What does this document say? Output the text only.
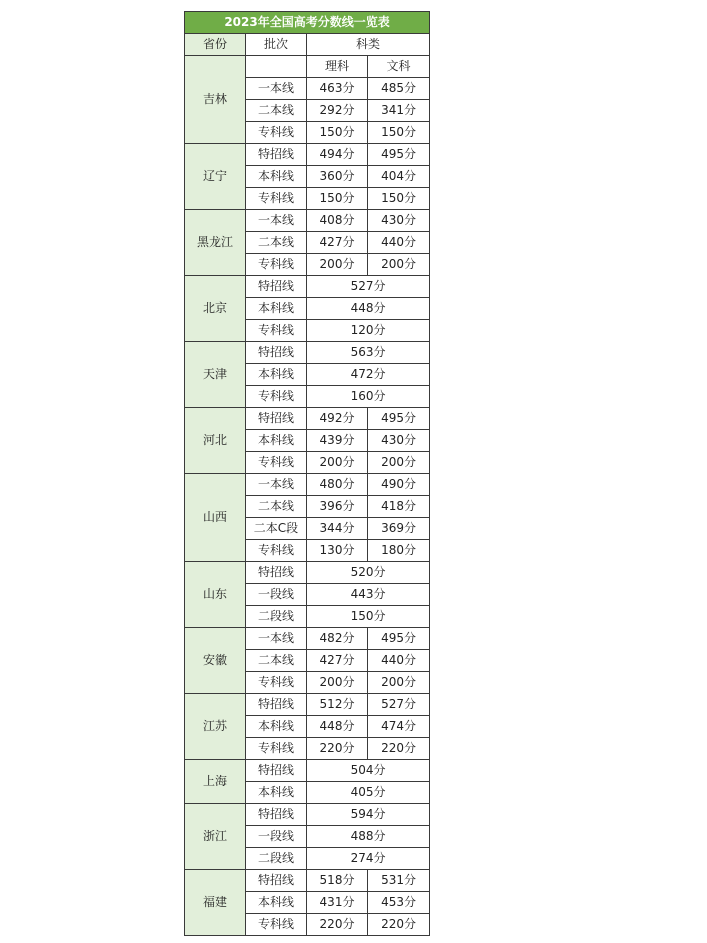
2023年全国高考分数线一览表			
省份	批次	科类	
吉林		理科	文科
	一本线	463分	485分
	二本线	292分	341分
	专科线	150分	150分
辽宁	特招线	494分	495分
	本科线	360分	404分
	专科线	150分	150分
黑龙江	一本线	408分	430分
	二本线	427分	440分
	专科线	200分	200分
北京	特招线	527分	
	本科线	448分	
	专科线	120分	
天津	特招线	563分	
	本科线	472分	
	专科线	160分	
河北	特招线	492分	495分
	本科线	439分	430分
	专科线	200分	200分
山西	一本线	480分	490分
	二本线	396分	418分
	二本C段	344分	369分
	专科线	130分	180分
山东	特招线	520分	
	一段线	443分	
	二段线	150分	
安徽	一本线	482分	495分
	二本线	427分	440分
	专科线	200分	200分
江苏	特招线	512分	527分
	本科线	448分	474分
	专科线	220分	220分
上海	特招线	504分	
	本科线	405分	
浙江	特招线	594分	
	一段线	488分	
	二段线	274分	
福建	特招线	518分	531分
	本科线	431分	453分
	专科线	220分	220分
